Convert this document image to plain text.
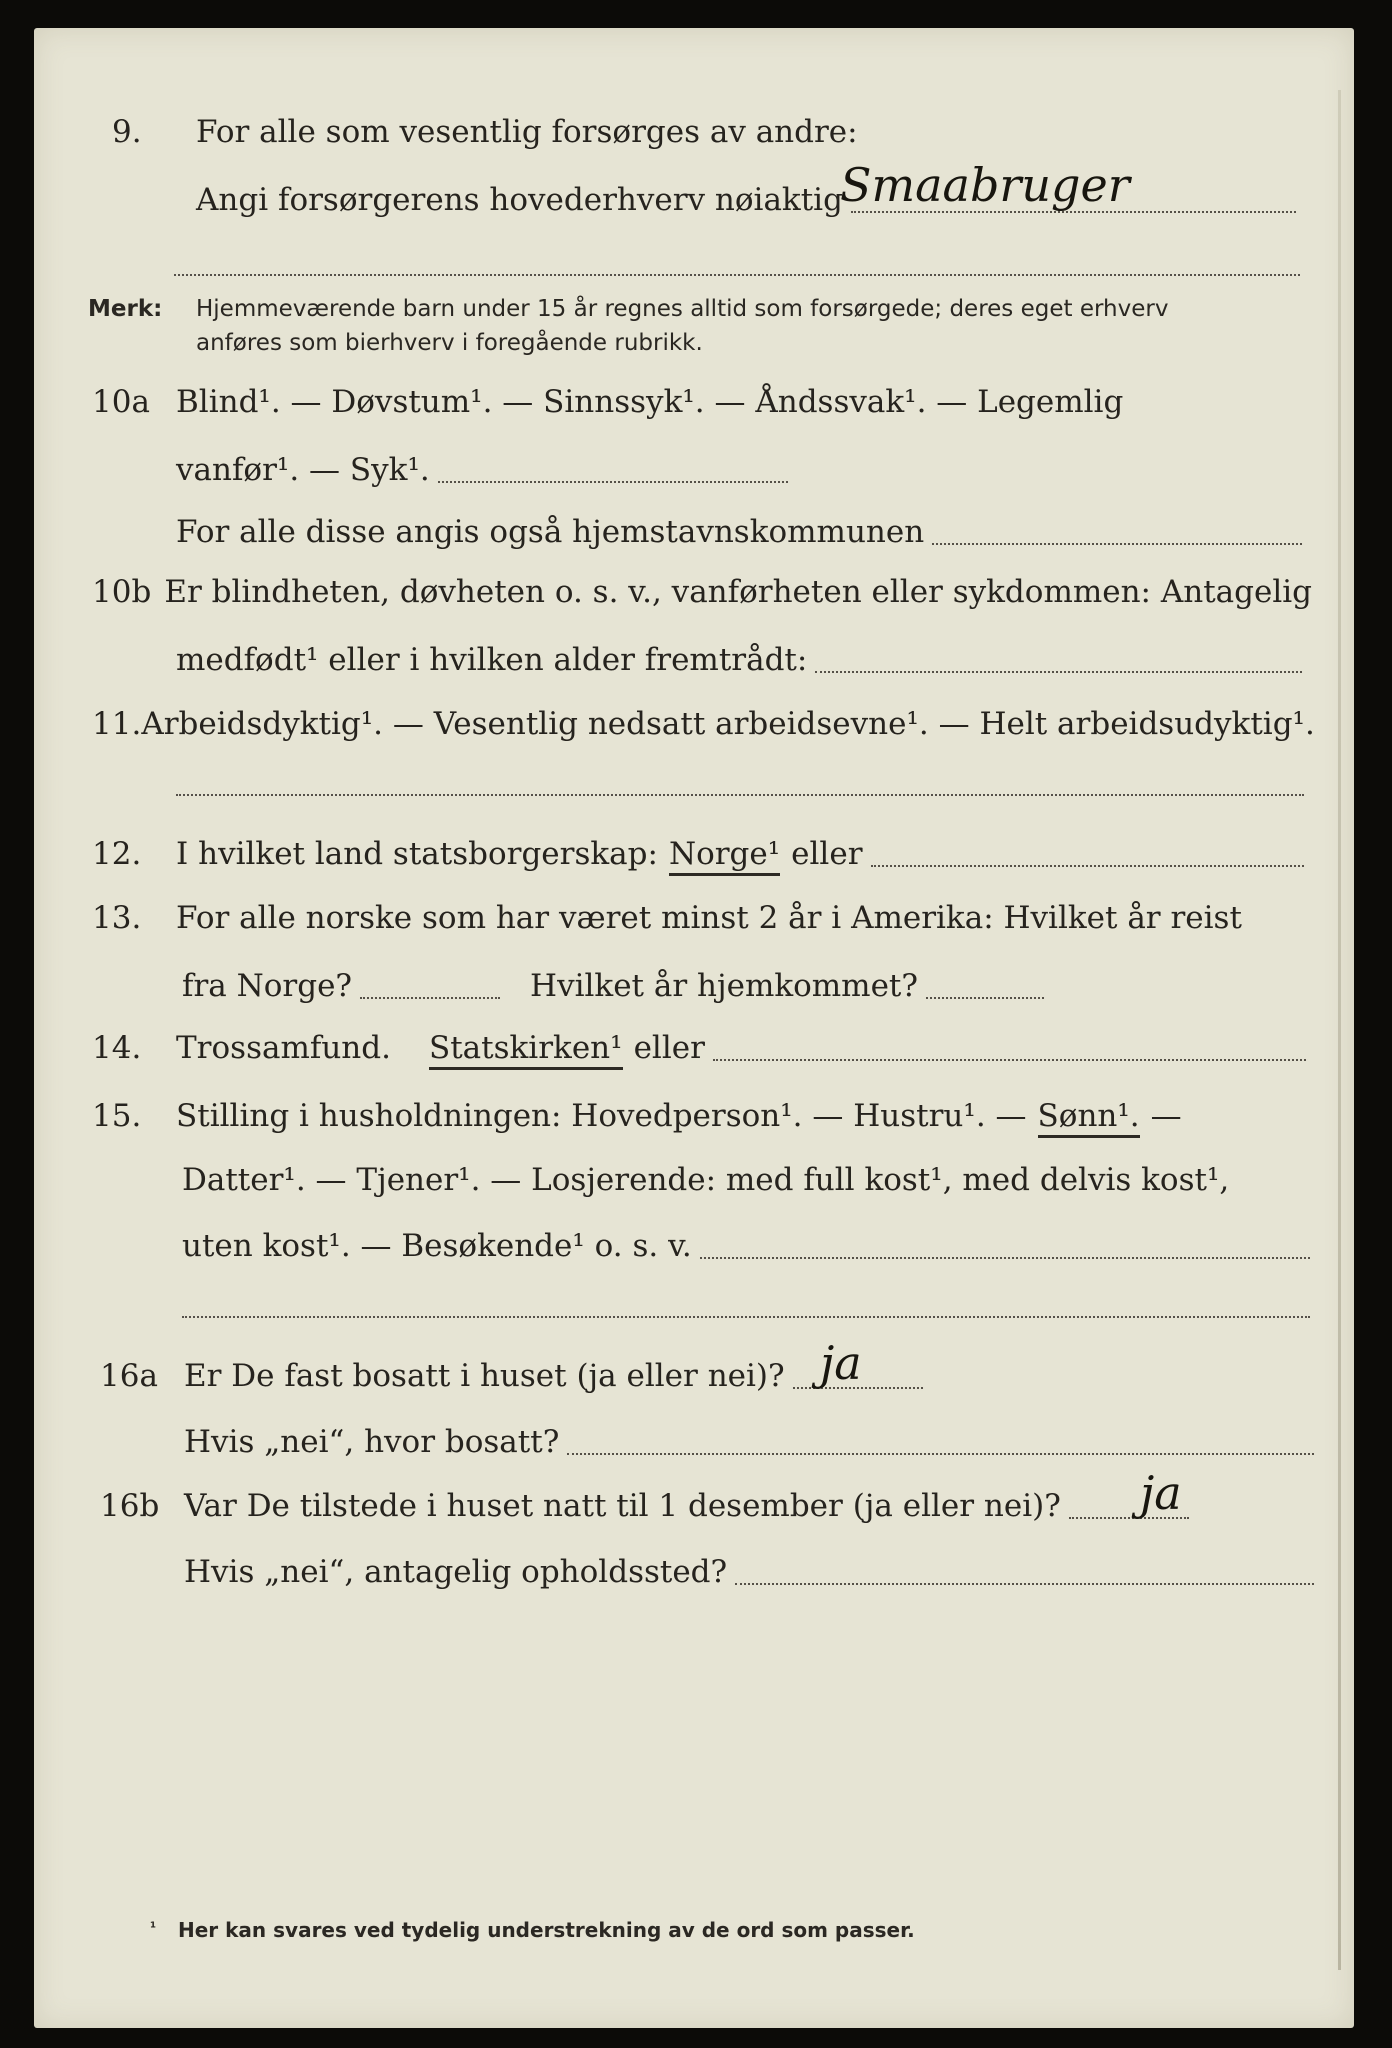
9.	For alle som vesentlig forsørges av andre:
Angi forsørgerens hovederhverv nøiaktig
Smaabruger
Merk: Hjemmeværende barn under 15 år regnes alltid som forsørgede; deres eget erhverv
anføres som bierhverv i foregående rubrikk.
10a Blind¹. — Døvstum¹. — Sinnssyk¹. — Åndssvak¹. — Legemlig
vanfør¹. — Syk¹.
For alle disse angis også hjemstavnskommunen
10b Er blindheten, døvheten o. s. v., vanførheten eller sykdommen: Antagelig
medfødt¹ eller i hvilken alder fremtrådt:
11. Arbeidsdyktig¹. — Vesentlig nedsatt arbeidsevne¹. — Helt arbeidsudyktig¹.
12.	I hvilket land statsborgerskap: Norge¹ eller
13.	For alle norske som har været minst 2 år i Amerika: Hvilket år reist
fra Norge?	Hvilket år hjemkommet?
14.	Trossamfund. Statskirken¹ eller
15.	Stilling i husholdningen: Hovedperson¹. — Hustru¹. — Sønn¹. —
Datter¹. — Tjener¹. — Losjerende: med full kost¹, med delvis kost¹,
uten kost¹. — Besøkende¹ o. s. v.
16a Er De fast bosatt i huset (ja eller nei)? ja
Hvis „nei“, hvor bosatt?
16b Var De tilstede i huset natt til 1 desember (ja eller nei)? ja
Hvis „nei“, antagelig opholdssted?
¹ Her kan svares ved tydelig understrekning av de ord som passer.
